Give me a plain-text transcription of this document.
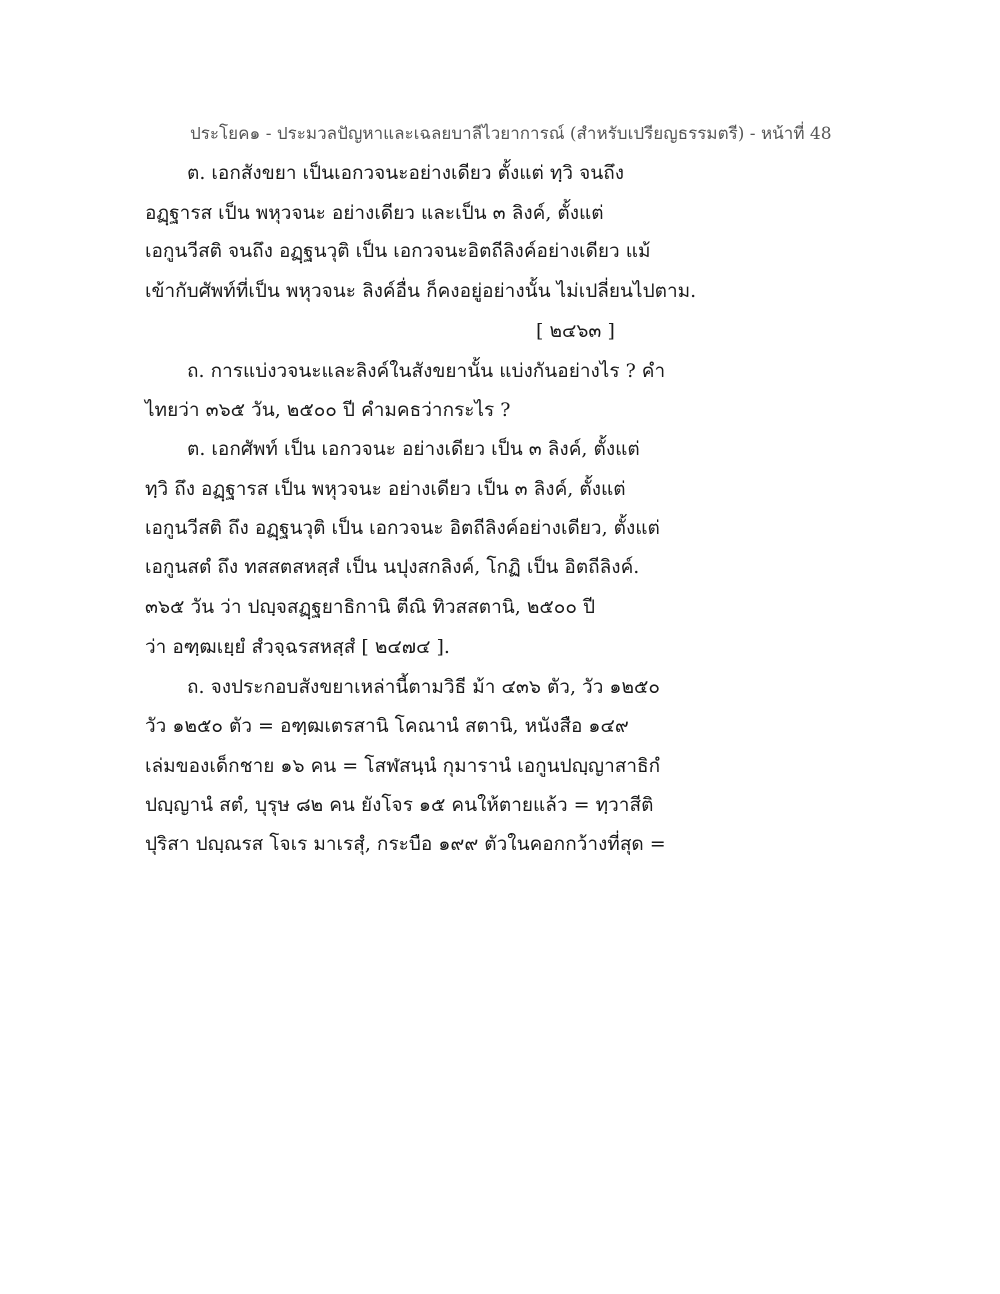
ประโยค๑ - ประมวลปัญหาและเฉลยบาลีไวยาการณ์ (สำหรับเปรียญธรรมตรี) - หน้าที่ 48
ต. เอกสังขยา เป็นเอกวจนะอย่างเดียว ตั้งแต่ ทฺวิ จนถึง
อฏฺฐารส เป็น พหุวจนะ อย่างเดียว และเป็น ๓ ลิงค์, ตั้งแต่
เอกูนวีสติ จนถึง อฏฺฐนวุติ เป็น เอกวจนะอิตถีลิงค์อย่างเดียว แม้
เข้ากับศัพท์ที่เป็น พหุวจนะ ลิงค์อื่น ก็คงอยู่อย่างนั้น ไม่เปลี่ยนไปตาม.
[ ๒๔๖๓ ]
ถ. การแบ่งวจนะและลิงค์ในสังขยานั้น แบ่งกันอย่างไร ? คำ
ไทยว่า ๓๖๕ วัน, ๒๕๐๐ ปี คำมคธว่ากระไร ?
ต. เอกศัพท์ เป็น เอกวจนะ อย่างเดียว เป็น ๓ ลิงค์, ตั้งแต่
ทฺวิ ถึง อฏฺฐารส เป็น พหุวจนะ อย่างเดียว เป็น ๓ ลิงค์, ตั้งแต่
เอกูนวีสติ ถึง อฏฺฐนวุติ เป็น เอกวจนะ อิตถีลิงค์อย่างเดียว, ตั้งแต่
เอกูนสตํ ถึง ทสสตสหสฺสํ เป็น นปุงสกลิงค์, โกฏิ เป็น อิตถีลิงค์.
๓๖๕ วัน ว่า ปญฺจสฏฺฐยาธิกานิ ตีณิ ทิวสสตานิ, ๒๕๐๐ ปี
ว่า อฑฺฒเยฺยํ สํวจฺฉรสหสฺสํ [ ๒๔๗๔ ].
ถ. จงประกอบสังขยาเหล่านี้ตามวิธี ม้า ๔๓๖ ตัว, วัว ๑๒๕๐
วัว ๑๒๕๐ ตัว = อฑฺฒเตรสานิ โคณานํ สตานิ, หนังสือ ๑๔๙
เล่มของเด็กชาย ๑๖ คน = โสฬสนฺนํ กุมารานํ เอกูนปญฺญาสาธิกํ
ปญฺญานํ สตํ, บุรุษ ๘๒ คน ยังโจร ๑๕ คนให้ตายแล้ว = ทฺวาสีติ
ปุริสา ปญฺณรส โจเร มาเรสุํ, กระบือ ๑๙๙ ตัวในคอกกว้างที่สุด =
